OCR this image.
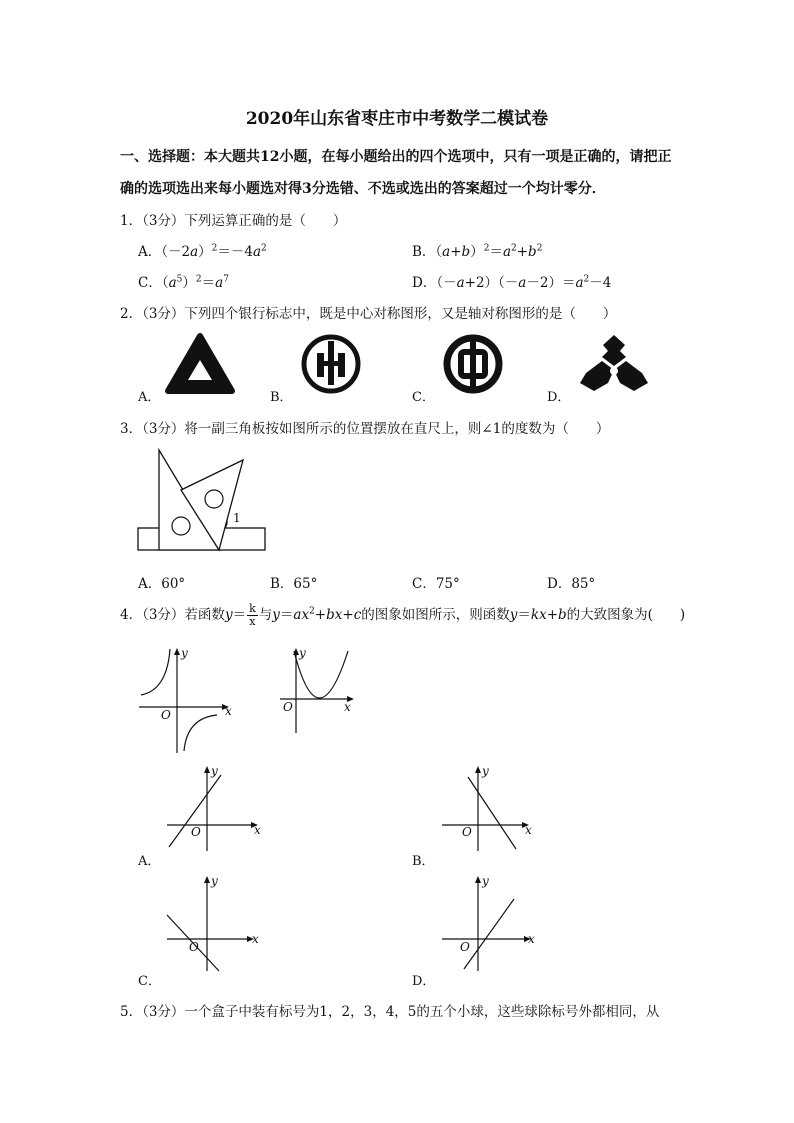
2020年山东省枣庄市中考数学二模试卷
一、选择题：本大题共12小题，在每小题给出的四个选项中，只有一项是正确的，请把正
确的选项选出来每小题选对得3分选错、不选或选出的答案超过一个均计零分．
1．（3分）下列运算正确的是（　　）
A．$(-2a)^2=-4a^2$	B．$(a+b)^2=a^2+b^2$
C．$(a^5)^2=a^7$	D．$(-a+2)(-a-2)=a^2-4$
2．（3分）下列四个银行标志中，既是中心对称图形，又是轴对称图形的是（　　）
A．	B．	C．	D．
3．（3分）将一副三角板按如图所示的位置摆放在直尺上，则∠1的度数为（　　）
1
A．60°	B．65°	C．75°	D．85°
4．（3分）若函数$y= \frac{k}{x}$ 与$y=ax^2+bx+c$的图象如图所示，则函数y＝kx+b的大致图象为(　　)
y
x
O
y
x
O
y
x
O
A．
y
x
O
B．
y
x
O
C．
y
x
O
D．
5．（3分）一个盒子中装有标号为1，2，3，4，5的五个小球，这些球除标号外都相同，从
